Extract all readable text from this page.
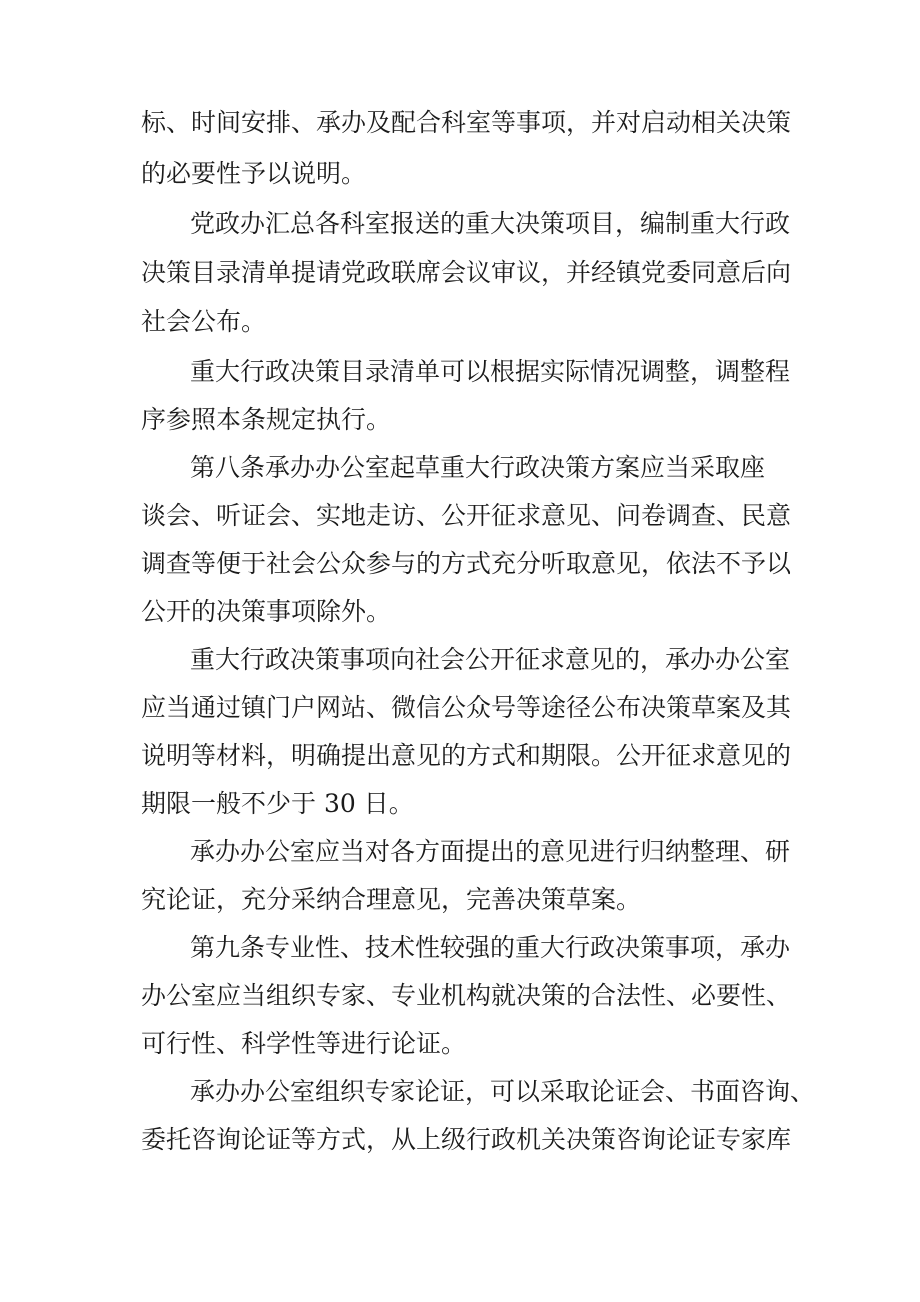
标、时间安排、承办及配合科室等事项，并对启动相关决策
的必要性予以说明。
党政办汇总各科室报送的重大决策项目，编制重大行政
决策目录清单提请党政联席会议审议，并经镇党委同意后向
社会公布。
重大行政决策目录清单可以根据实际情况调整，调整程
序参照本条规定执行。
第八条承办办公室起草重大行政决策方案应当采取座
谈会、听证会、实地走访、公开征求意见、问卷调查、民意
调查等便于社会公众参与的方式充分听取意见，依法不予以
公开的决策事项除外。
重大行政决策事项向社会公开征求意见的，承办办公室
应当通过镇门户网站、微信公众号等途径公布决策草案及其
说明等材料，明确提出意见的方式和期限。公开征求意见的
期限一般不少于 30 日。
承办办公室应当对各方面提出的意见进行归纳整理、研
究论证，充分采纳合理意见，完善决策草案。
第九条专业性、技术性较强的重大行政决策事项，承办
办公室应当组织专家、专业机构就决策的合法性、必要性、
可行性、科学性等进行论证。
承办办公室组织专家论证，可以采取论证会、书面咨询、
委托咨询论证等方式，从上级行政机关决策咨询论证专家库
